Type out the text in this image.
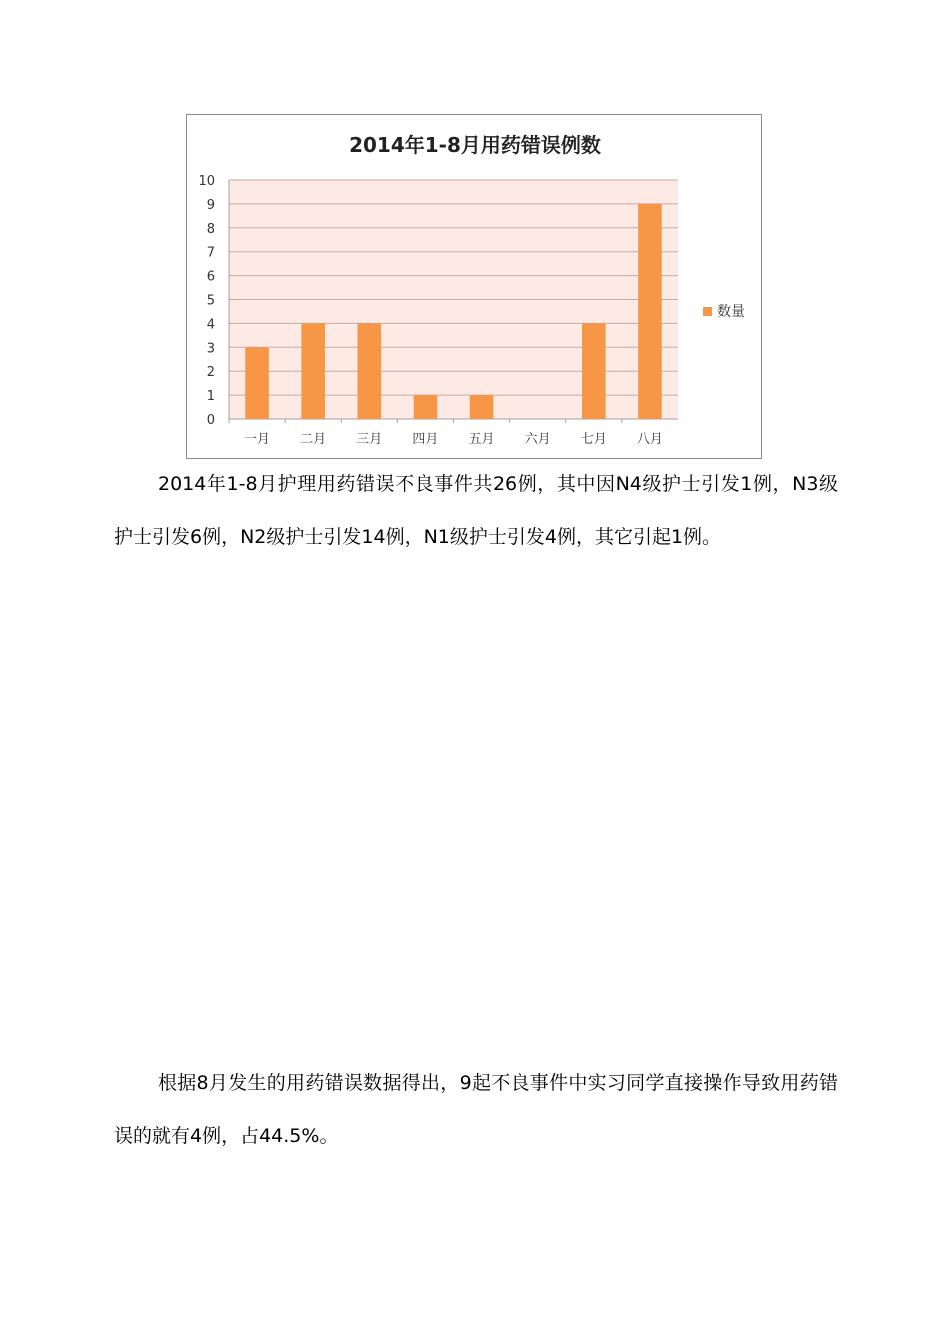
0
1
2
3
4
5
6
7
8
9
10
一月 二月 三月 四月 五月 六月 七月 八月
2014年1-8月用药错误例数
数量

2014年1-8月护理用药错误不良事件共26例，其中因N4级护士引发1例，N3级护士引发6例，N2级护士引发14例，N1级护士引发4例，其它引起1例。

根据8月发生的用药错误数据得出，9起不良事件中实习同学直接操作导致用药错误的就有4例，占44.5%。
